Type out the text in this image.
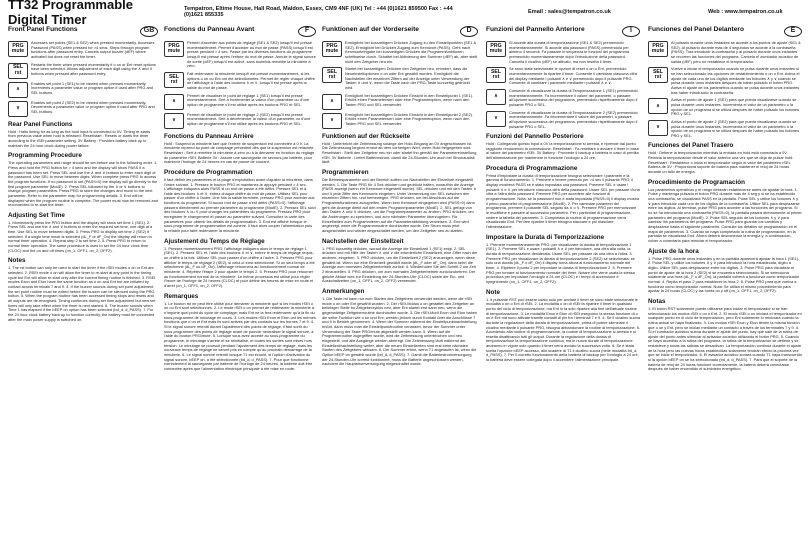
TT32 Programmable Digital Timer
Tempatron, Eltime House, Hall Road, Maldon, Essex, CM9 4NF (UK) Tel : +44 (0)1621 859500 Fax : +44 (0)1621 855335	Email : sales@tempatron.co.uk	Web : www.tempatron.co.uk
Front Panel Functions	GB
PRG
mute
Accesses set points (SE1 & SE2) when pressed momentarily. Accesses Password (PASS) when pressed for >4 secs. Steps through program functions after password entry. Cancels output buzzer (dEF) where activated but does not reset the timer.
SEL
rst
Restarts the timer when pressed momentarily if o on or Ent reset options have been selected. Allows adjustment of each digit using the ∧ and ∨ buttons when pressed after password entry.
∧
Enables set point 1 (SE1) to be viewed when pressed momentarily. Increments a parameter value or program option if used after PRG and SEL buttons.
∨
Enables set point 2 (SE2) to be viewed when pressed momentarily. Decrements a parameter value or program option if used after PRG and SEL buttons.
Rear Panel Functions

Hold : Halts timing for as long as the hold input is connected to 0V. Timing re-starts from previous value when hold is released. Reset/start : Resets or starts the timer according to the rSEt parameter setting. 3V Battery : Provides battery back up to maintain the 24 hour clock during power failure.

Programming Procedure

The operating parameters and range should be set before use in the following order. 1. Press and hold the PRG button for > 4 secs and the display will show PASS if a password has been set. Press SEL and use the ∧ and ∨ buttons to enter each digit of the password. Use SEL to move between digits. When complete press PRG to access the program functions. If no password is set (PASS=0) the display will go directly to the first program parameter (ModE). 2. Press SEL followed by the ∧ or ∨ buttons to change program parameters. Press PRG to store the changes and move to the next parameter. Refer to the parameter map for programming details. 3. End will be displayed when the program routine is complete. The power must now be removed and reconnected to re-start the timer.

Adjusting Set Time

1. Momentarily press the PRG button and the display will show set time 1 (SE1). 2. Press SEL and use the ∧ and ∨ buttons to enter the required set time, one digit at a time. Use SEL to move between digits. 3. Press PRG to display set time 2 (SE2) if selected. If a single time mode is selected (dL_F or dF_On) the display will return to normal timer operation. 4. Repeat step 2 to set time 2. 5. Press PRG to return to normal timer operation. The same procedure is used to set the 24 hour clock time (CLOC) and the on and off times (on_1, OFF1, on_2, OFF2).

Notes

1. The rst button can only be used to start the timer if the rSEt modes o on or Ent are selected. 2. RSEt mode o on will allow the timer to re-start at any point in the timing cycle but Ent will allow re-start only after the current timing routine is finished. 3. RSEt modes Exon and Eton have the same function as o on and Ent but are initiated by contact across terminals 7 and 9. 4. If the buzzer sounds during set point adjustment, the set point routine must be exited before the buzzer can be silenced using the PRG button. 5. When the program routine has been accessed timing stops and resets and all outputs are de-energised. Timing continues during set time adjustment but new set times will only take effect when the timer is next started. 6. The buzzer sounds when Time 1 has elapsed if the bEEP on option has been selected (bd_d, d_PASS). 7. For the 24 hour clock battery back up to function correctly, the battery must be connected after the main power supply is switched on.

Fonctions du Panneau Avant	F
PRG
mute
Permet d'accéder aux points de réglage (SE1 & SE2) lorsqu'il est pressé momentanément. Permet d'accéder au mot de passe (PASS) lorsqu'il est pressé pendant > 4 sec. Passe par les diverses fonctions du programme lorsqu'il est pressé après l'entrée du mot de passe. Annule le signal sonore de sortie (dEF) lorsqu'il est activé, sans toutefois remettre la minuterie à zéro.
SEL
rst
Fait redémarrer la minuterie lorsqu'il est pressé momentanément, si les options o on ou Ent ont été sélectionnées. Permet de régler chaque chiffre de l'affichage à l'aide des boutons ∧ et ∨, lorsqu'il est pressé après la saisie du mot de passe.
∧
Permet de visualiser le point de réglage 1 (SE1) lorsqu'il est pressé momentanément. Sert à incrémenter la valeur d'un paramètre ou d'une option de programme s'il est utilisé après les boutons PRG et SEL.
∨
Permet de visualiser le point de réglage 2 (SE2) lorsqu'il est pressé momentanément. Sert à décrémenter la valeur d'un paramètre ou d'une option de programme s'il est utilisé après les boutons PRG et SEL.
Fonctions du Panneau Arrière

Hold : Suspend la minuterie tant que l'entrée de suspension est connectée à 0 V. La minuterie reprend au point de comptage précédent dès que la suspension est relâchée. Reset/start : Sert à remettre la minuterie à zéro ou à la démarrer en fonction du réglage du paramètre rSEt. Batterie 3V : Assure une sauvegarde de secours par batterie, pour maintenir l'horloge de 24 heures en cas de panne de courant.

Procédure de Programmation

Il faut définir les paramètres et la plage d'exploitation avant d'ajuster la minuterie, dans l'ordre suivant. 1. Pressez le bouton PRG et maintenez-le appuyé pendant > 4 sec. L'affichage indiquera alors PASS si un mot de passe a été défini. Pressez SEL et à l'aide des boutons ∧ et ∨, entrez chaque chiffre du mot de passe. Utilisez SEL pour passer d'un chiffre à l'autre. Une fois la saisie terminée, pressez PRG pour accéder aux fonctions du programme. Si aucun mot de passe n'est défini (PASS=0), l'affichage passera directement au premier paramètre du programme (ModE). 2. Pressez SEL suivi des boutons ∧ ou ∨ pour changer les paramètres du programme. Pressez PRG pour enregistrer le changement et passer au paramètre suivant. Consultez la carte des paramètres pour obtenir les détails de programmation. 3. End est affiché lorsque le sous-programme de programmation est achevé. Il faut alors couper l'alimentation puis la rétablir pour faire redémarrer la minuterie.

Ajustement du Temps de Réglage

1. Pressez momentanément PRG; l'affichage indiquera alors le temps de réglage 1 (SE1). 2. Pressez SEL et, l'aide des boutons ∧ et ∨, entrez le temps de réglage requis, un chiffre à la fois. Utilisez SEL pour passer d'un chiffre à l'autre. 3. Pressez PRG pour afficher le temps de réglage 2 (SE2), si celui-ci s'est sélectionné. Si un seul temps a été sélectionné (dL_F ou dF_On), l'affichage retournera au fonctionnement normal de minuterie. 4. Répétez l'étape 2 pour ajuster le temps 2. 5. Pressez PRG pour retourner au fonctionnement normal de la minuterie. Le même processus est utilisé pour régler l'heure de l'horloge de 24 heures (CLOC) et pour définir les heures de mise en route et d'arrêt (on_1, OFF1, on_2, OFF2).

Remarques

1. Le bouton rst ne peut être utilisé pour démarrer la minuterie que si les modes rSEt o on ou Ent sont sélectionnés. 2. Le mode rSEt o on permet de redémarrer la minuterie à n'importe quel point du cycle de comptage; mais Ent ne la fera redémarrer qu'à la fin du sous-programme de minutage en cours. 3. Les modes rSEt Exon et Eton ont les mêmes fonctions que o on et Ent mais ils sont activés par des contacts sur les bornes 7 et 9. 4. Si le signal sonore retentit durant l'ajustement des points de réglage, il faut sortir du sous-programme des points de réglage avant de pouvoir neutraliser le signal sonore, à l'aide du bouton PRG/mute. 5. Lorsque vous avez accédé au sous-programme du programme, le minutage s'arrête et se réinitialise, et toutes les sorties sont mises hors tension. Le minutage se poursuit pendant l'ajustement des temps de réglage, mais les nouveaux temps de réglage ne seront pris en compte qu'au prochain démarrage de la minuterie. 6. Le signal sonore retentit lorsque T1 est écoulé, si l'option d'activation du signal sonore, bEEP on, a été sélectionnée (bd_d, d_PASS). 7. Pour que fonctionne correctement la sauvegarde par batterie de l'horloge de 24 heures, la batterie doit être connectée après que l'alimentation électrique principale a été mise en route.

Funktionen auf der Vorderseite	D
PRG
mute
Ermöglicht bei kurzzeitigem Drücken Zugang zu den Einstellpunkten (SE1 & SE2). Ermöglicht bei Drücken Zugang zum Kennwort (PASS). Geht nach Kennworteingabe bei kurzzeitigem Drücken die Programmfunktionen schrittweise durch. Schaltet bei Aktivierung den Summer (dEF) ab, aber stellt nicht den Zeitgeber neu ein.
SEL
rst
Startet bei kurzzeitigem Drücken den Zeitgeber neu, erfordert, dass die Neueinstelloptionen o on oder Ent gewählt wurden. Ermöglicht die Nachstellen der einzelnen Ziffern auf der Anzeige unter Verwendung der Tasten ∧ und ∨, wenn die Taste nach der PRG-Taste kurzzeitig gedrückt wird.
∧
Ermöglicht bei kurzzeitigem Drücken Einsicht in den Einstellpunkt 1 (SE1). Erhöht einen Parameterwert oder eine Programmoption, wenn nach den Tasten PRG und SEL verwendet.
∨
Ermöglicht bei kurzzeitigem Drücken Einsicht in den Einstellpunkt 2 (SE2). Erhöht einen Parameterwert oder eine Programmoption, wenn nach den Tasten PRG und SEL verwendet.
Funktionen auf der Rückseite

Hold : Unterbricht die Zeitmessung solange der Hold-Eingang an 0V angeschlossen ist. Die Zeitmessung beginnt erneut ab dem vorherigen Wert, wenn Hold freigegeben wird. Reset/start : Stellt den Zeitgeber neu ein oder startet ihn gemäß der Parametereinstellung rSEt. 3V Batterie : Liefert Batteriestrom, damit die 24-Stunden-Uhr auch bei Stromausfall läuft.

Programmieren

Die Betriebsparameter und der Bereich sollten vor Nachstellen der Einzelheit eingestellt werden. 1. Die Taste PRG für 4 Sek drücken und gedrückt halten, woraufhin die Anzeige (PASS anzeigt (wenn ein Kennwort eingestellt wurde). SEL drücken und mit den Tasten ∧ und ∨ jede Ziffer des Kennworts eingeben. Unter Verwendung von SEL zwischen den einzelnen Ziffern hin- und herbewegen. PRG drücken, um bei Abschluss auf die Programmfunktionen zuzugreifen. Wenn kein Kennwort eingegeben wird (PASS=0) dann geht die Anzeige direkt auf den ersten Programmparameter (ModE). 2. SEL gefolgt von den Tasten ∧ und ∨ drücken, um die Programmparameter zu ändern. PRG drücken, um die Änderungen zu speichern, und zum nächsten Parameter überzugehen. Für Einzelheiten zum Programmieren auf die Parameterabbildung verweisen. 3. End wird angezeigt, wenn die Programmroutine durchlaufen wurde. Der Strom muss jetzt ausgeschaltet und wieder eingeschaltet werden, um den Zeitgeber neu zu starten.

Nachstellen der Einstellzeit

1. PRG kurzzeitig drücken, worauf die Anzeige die Einstellzeit 1 (SE1) zeigt. 2. SEL drücken und mit Hilfe der Tasten ∧ und ∨ die erforderliche Einstellzeit, eine Ziffer nach der anderen, eingeben. 3. PRG drücken, um die Einstellzeit 2 (SE2) anzuzeigen, wenn diese gewählt ist. Wenn nur eine Einzelzeit gewählt wurde (dL_F oder dF_On), dann kehrt die Anzeige zum normalen Zeitgeberbetrieb zurück. 4. Wiederholen Sie den Schritt 2 um Zeit 2 einzustellen. 5. PRG drücken, um zum normalen Zeitgeberbetrieb zurückzukehren. Der gleiche Ablauf wird zur Einstellung der 24-Stunden-Uhr (CLOC) sowie der Ein- und Ausschaltzeiten (on_1, OFF1, on_2, OFF2) verwendet.

Anmerkungen

1. Die Taste rst kann nur zum Starten des Zeitgebers verwendet werden, wenn die rSEt mode o on oder Ent gewählt wurden. 2. Der rSEt-Modus o on gestattet den Zeitgeber an beliebiger Stelle im Zeitgeberzyklus neu, aber Ent startet erst dann neu, wenn die gegenwärtige Zeitgeberroutine durchlaufen wurde. 3. Die rSEt-Modi Exon und Eton haben die selbe Funktion wie o on und Ent, werden jedoch durch Kontakt über die Anschlüsse 7 und 9 in Betrieb genommen. 4. Wenn der Summer während der Einstellpunktnachstellung ertönt, dann muss man die Einstellpunktroutine verlassen, bevor der Summer unter Verwendung der Taste PRG/mute abgestellt werden kann. 5. Wenn auf die Programmroutine zugegriffen wurde, wird die Zeitmessung unterbrochen und neu eingestellt, und alle Ausgänge werden aberregt. Die Zeitmessung läuft während der Einstellzeitnachstellung weiter, aber die neuen Einstellzeiten sind erst beim nächsten Starten des Zeitgebers wirksam. 6. Der Summer ertönt, wenn T1 abgelaufen ist, wenn die Option bEEP on gewählt wurde (bd_d, d_PASS). 7. Damit die Batteriestromversorgung der 24-Stunden-Uhr korrekt funktioniert, muss die Batterie angeschlossen werden, nachdem die Hauptstromversorgung eingeschaltet wurde.

Funzioni del Pannello Anteriore	I
PRG
mute
Si accede alla durata di temporizzazione (SE1 & SE2) premendolo momentaneamente. Si accede alla password (PASS) premendolo per almeno 4 secondi. Fa passare in sequenza le funzioni del programma premendolo momentaneamente dopo l'introduzione della password. Cancella il cicalino (dEF) se attivato, ma non resetta il timer.
SEL
rst
Se sono state selezionate le opzioni di reset o on o Ent, premendolo momentaneamente fa ripartire il timer. Consente il cambiare ciascuna cifra del display mediante i pulsanti ∧ e ∨ premendolo dopo il pulsante PRG. Consente di cambiare i parametri mediante i pulsanti ∧ e ∨.
∧
Consente di visualizzare la durata di Temporizzazione 1 (SE1) premendolo momentaneamente. Fa incrementare il valore dei parametri, o passare all'opzione successiva del programma, premendolo rispettivamente dopo il pulsante PRG o SEL.
∨
Consente di visualizzare la durata di Temporizzazione 2 (SE2) premendolo momentaneamente. Fa decrementare il valore dei parametri, o passare all'opzione successiva del programma, premendolo rispettivamente dopo il pulsante PRG o SEL.
Funzioni del Pannello Posteriore

Hold : Collegando questo input a 0V la temporizzazione si arresta, e riprende dal punto raggiunto rimuovendo la connessione. Reset/start : Fa resettare o avviare il timer in base al valore del parametro rSEt. 3V Battery : Provvede il backup a batteria in caso di perdita dell'alimentazione per mantenere in funzione l'orologio a 24 ore.

Procedura di Programmazione

Prima d'impostare la durata di temporizzazione bisogna selezionare i parametri e la gamma di funzionamento. 1. Premere e tenere premuto per >4 sec il pulsante PRG; il display mostrerà PASS se è stata impostata una password. Premere SEL e usare i pulsanti ∧ e ∨ per introdurre ciascuna cifra della password. Usare SEL per passare d'una cifra a l'altra della password. Premere PRG per accedere alle funzioni di programmazione. Nota: se la password non è stata impostata (PASS=0) il display mostra il primo parametro di programmazione (ModE). 2. Per cambiare parametri del programma, premere il pulsante SEL seguito da ∧ o ∨. Premere PRG per memorizzare le modifiche e passare al successivo parametro. Per i particolari di programmazione, vedere la tabella dei parametri. 3. Completata la routine di programmazione verrà visualizzato End. Per fare ripartire il timer bisogna staccare e poi rilasciare l'alimentazione.

Impostare la Durata di Temporizzazione

1. Premere momentaneamente PRG; per visualizzare la durata di temporizzazione 1 (SE1). 2. Premere SEL e usare i pulsanti ∧ e ∨ per introdurre, una cifra alla volta, la durata di temporizzazione desiderata. Usare SEL per passare da una cifra a l'altra. 3. Premere PRG per visualizzare la durata di temporizzazione 2 (SE2) se selezionata; se solo una durata (dL_F o dF_On) il display torna allora al funzionamento normale del timer. 4. Ripetere il punto 2 per impostare la durata di temporizzazione 2. 5. Premere PRG per tornare al funzionamento normale del timer. Notare che viene usata la stessa procedura per impostare l'orologio a 24 ore (CLOC) e i tempi di accensione e spegnimento (on_1, OFF1, on_2, OFF2).

Note

1. Il pulsante RST può essere usato solo per avviare il timer se sono state selezionate le modalità o on o Ent di rSEt. 2. La modalità o on di rSEt fa ripartire il timer in qualsiasi punto del ciclo di temporizzazione; ma Ent lo fa solo ripartire alla fine dell'attuale routine di temporizzazione. 3. Le modalità Exon e Eton di rSEt eseguono la stessa funzione di o on e Ent ma sono attivate tramite contatti di pin fra i terminali 7 e 9. 4. Se il cicalino suona durante la regolazione della durata di temporizzazione, prima di potere silenziare il cicalino mediante il pulsante PRG, bisogna abbandonare la routine di temporizzazione. 5. Accedendo alla routine di programmazione, la routine di temporizzazione si arresta e si resetta disattivando tutti gli output. Durante la regolazione della durata di temporizzazione la temporizzazione continua, ma le nuove durate di temporizzazione andranno in vigore solo quando il timer verrà avviato la successiva volta. 6. Se è stata scelta l'opzione bEEP accesso, allo scadere di T1 il cicalino suona (nelle modalità bd_d, d_PASS). 7. Per il corretto funzionamento della batteria di backup per l'orologio a 24 ore, la batteria deve essere collegata dopo il accendere l'alimentazione principale.

Funciones del Panel Delantero	E
PRG
mute
Al pulsarlo durante unos instantes se accede a los puntos de ajuste (SE1 & SE2). Al pulsarlo durante más de 4 segundos se accede a la contraseña (PASS). Tras introducir la contraseña y al pulsarlo durante unos instantes se recorren las funciones del programa. Cancela el zumbador acústico de salida (dEF) pero no restablece el temporizador.
SEL
rst
Vuelve a iniciar el temporizador cuando se pulsa durante unos instantes si se han seleccionado las opciones de restablecimiento o on o Ent. Activa el ajuste de cada uno de los dígitos mediante los botones ∧ y ∨ cuando se pulsa durante unos instantes después de haber pulsado el botón PRG. Activa el ajuste de los parámetros cuando se pulsa durante unos instantes tras haber introducido la contraseña.
∧
Activa el punto de ajuste 1 (SE1) para que pueda visualizarse cuando se pulsa durante unos instantes. Incrementa el valor de un parámetro o la opción de un programa si se utiliza después de haber pulsado los botones PRG y SEL.
∨
Activa el punto de ajuste 2 (SE2) para que pueda visualizarse cuando se pulsa durante unos instantes. Incrementa el valor de un parámetro o la opción de un programa si se utiliza después de haber pulsado los botones PRG y SEL.
Funciones del Panel Trasero

Hold : Detiene la temporización mientras la entrada en hold está conectada a 0V. Reinicia la temporización desde el valor anterior una vez que se deja de pulsar hold. Reset/start : Restablece o inicia el temporizador según el valor del parámetro rSEt. Batería de 3V : Proporciona soporte de batería para mantener el reloj de 24 horas durante un fallo de energía.

Procedimiento de Programación

Los parámetros operativos y el rango deberán establecerse antes de ajustar la hora. 1. Pulse y mantenga pulsado el botón PRG durante más de 4 seg y si se ha establecido una contraseña, se visualizará PASS en la pantalla. Pulse SEL y utilice los botones ∧ y ∨ para introducir cada uno de los dígitos de la contraseña. Utilice SEL para desplazarse entre los dígitos. Al terminar, pulse PRG para acceder a las funciones del programa. Si no se ha introducido una contraseña (PASS=0), la pantalla pasará directamente al primer parámetro del programa (ModE). 2. Pulse SEL seguido de los botones ∧ y ∨ para cambiar los parámetros del programa. Pulse PRG para guardar los cambios y desplazarse hasta el siguiente parámetro. Consulte los detalles de programación en el mapa de parámetros. 3. Cuando se haya completado la rutina de programación, en la pantalla se visualizará End. Ahora deberá desconectar la energía y, a continuación, volver a conectarla para reiniciar el temporizador.

Ajuste de la hora

1. Pulse PRG durante unos instantes y en la pantalla aparecerá ajustar la hora 1 (SE1). 2. Pulse SEL y utilice los botones ∧ y ∨ para introducir la hora establecida, dígito a dígito. Utilice SEL para desplazarse entre los dígitos. 3. Pulse PRG para visualizar el punto de ajuste de la hora 2 (SE2) si se encuentra seleccionado. Si se selecciona solamente una hora (dL_F o dF_On), la pantalla volverá a funcionar como temporizador normal. 4. Repita el paso 2 para establecer la hora 2. 5. Pulse PRG para que vuelva a funcionar como temporizador normal. Nota: Se utiliza el mismo procedimiento para ajustar la 24 horas (CLOC) y las horas on y off (on_1, OFF1, on_2, OFF2).

Notas

1. El botón RST solamente puede utilizarse para iniciar el temporizador si se han seleccionado los modos rSEt o on u Ent. 2. El modo rSEt o on iniciará el temporizador en cualquier punto en el ciclo de temporización, pero Ent solamente lo reiniciará cuando la rutina actual se haya finalizado. 3. Los modos rSEt Exon y Eton tienen la misma función que o on y Ent, pero se inician mediante un contacto a través de los terminales 7 y 9. 4. Si el zumbador acústico suena durante el ajuste del punto, hay que salir de la rutina de ajuste del punto antes silenciar al avisador acústico utilizando el botón PRG. 5. Cuando se haya accedido a la rutina del programa, la rutina de la temporización se detiene y se restablece y todas las salidas se desactivan. La temporización continúa durante el ajuste de la hora pero las nuevas horas establecidas solamente tendrán efecto la próxima vez que se inicie el temporizador. 6. El avisador acústico sonará cuando T1 haya transcurrido si la opción bEEP on se ha seleccionado (bd_d, d_PASS). 7. Para que el soporte de la batería de reloj de 24 horas funcione correctamente, la batería deberá conectarse después de haber encendido el suministro energético.
